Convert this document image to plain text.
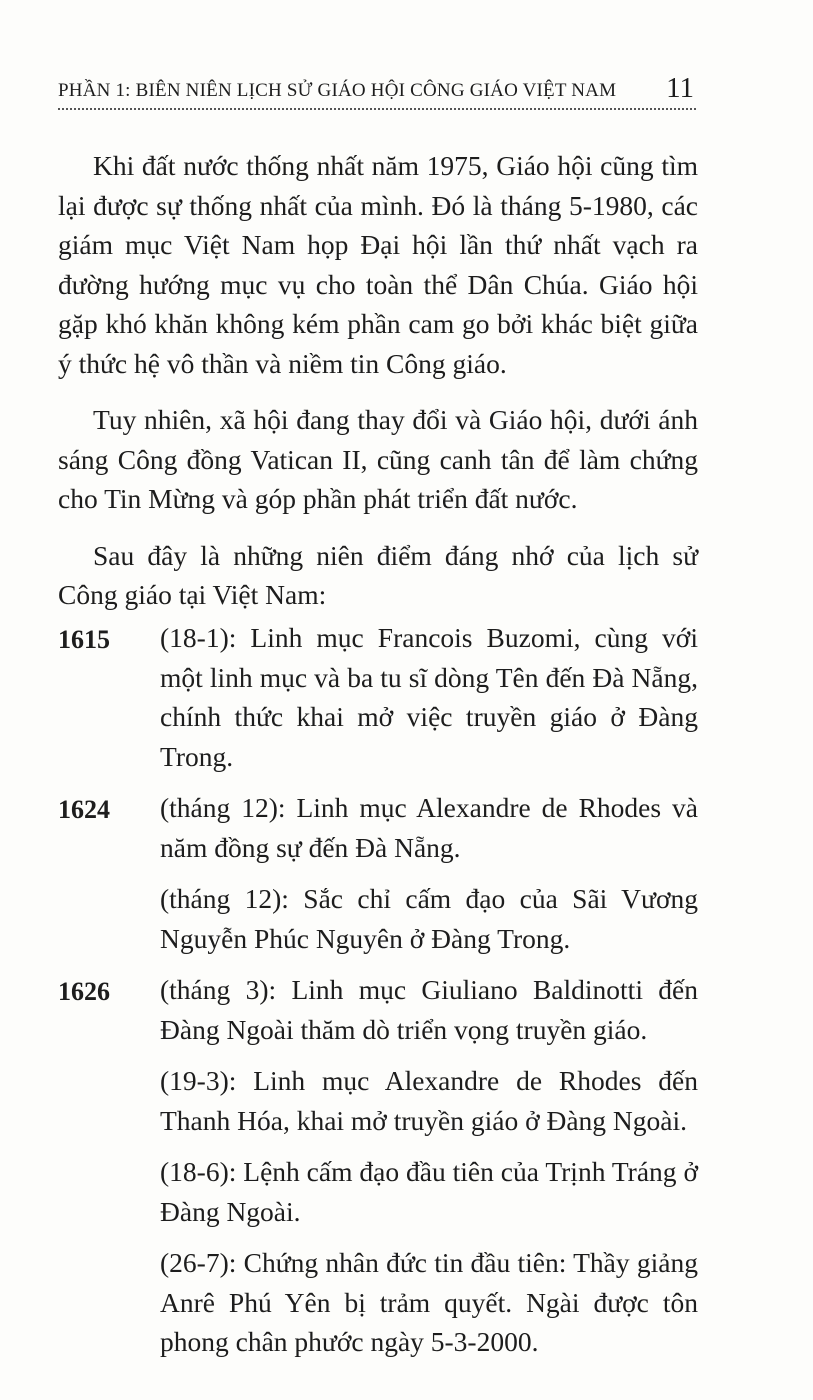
PHẦN 1: BIÊN NIÊN LỊCH SỬ GIÁO HỘI CÔNG GIÁO VIỆT NAM 11

Khi đất nước thống nhất năm 1975, Giáo hội cũng tìm lại được sự thống nhất của mình. Đó là tháng 5-1980, các giám mục Việt Nam họp Đại hội lần thứ nhất vạch ra đường hướng mục vụ cho toàn thể Dân Chúa. Giáo hội gặp khó khăn không kém phần cam go bởi khác biệt giữa ý thức hệ vô thần và niềm tin Công giáo.

Tuy nhiên, xã hội đang thay đổi và Giáo hội, dưới ánh sáng Công đồng Vatican II, cũng canh tân để làm chứng cho Tin Mừng và góp phần phát triển đất nước.

Sau đây là những niên điểm đáng nhớ của lịch sử Công giáo tại Việt Nam:

1615 (18-1): Linh mục Francois Buzomi, cùng với một linh mục và ba tu sĩ dòng Tên đến Đà Nẵng, chính thức khai mở việc truyền giáo ở Đàng Trong.

1624 (tháng 12): Linh mục Alexandre de Rhodes và năm đồng sự đến Đà Nẵng.

(tháng 12): Sắc chỉ cấm đạo của Sãi Vương Nguyễn Phúc Nguyên ở Đàng Trong.

1626 (tháng 3): Linh mục Giuliano Baldinotti đến Đàng Ngoài thăm dò triển vọng truyền giáo.

(19-3): Linh mục Alexandre de Rhodes đến Thanh Hóa, khai mở truyền giáo ở Đàng Ngoài.

(18-6): Lệnh cấm đạo đầu tiên của Trịnh Tráng ở Đàng Ngoài.

(26-7): Chứng nhân đức tin đầu tiên: Thầy giảng Anrê Phú Yên bị trảm quyết. Ngài được tôn phong chân phước ngày 5-3-2000.
